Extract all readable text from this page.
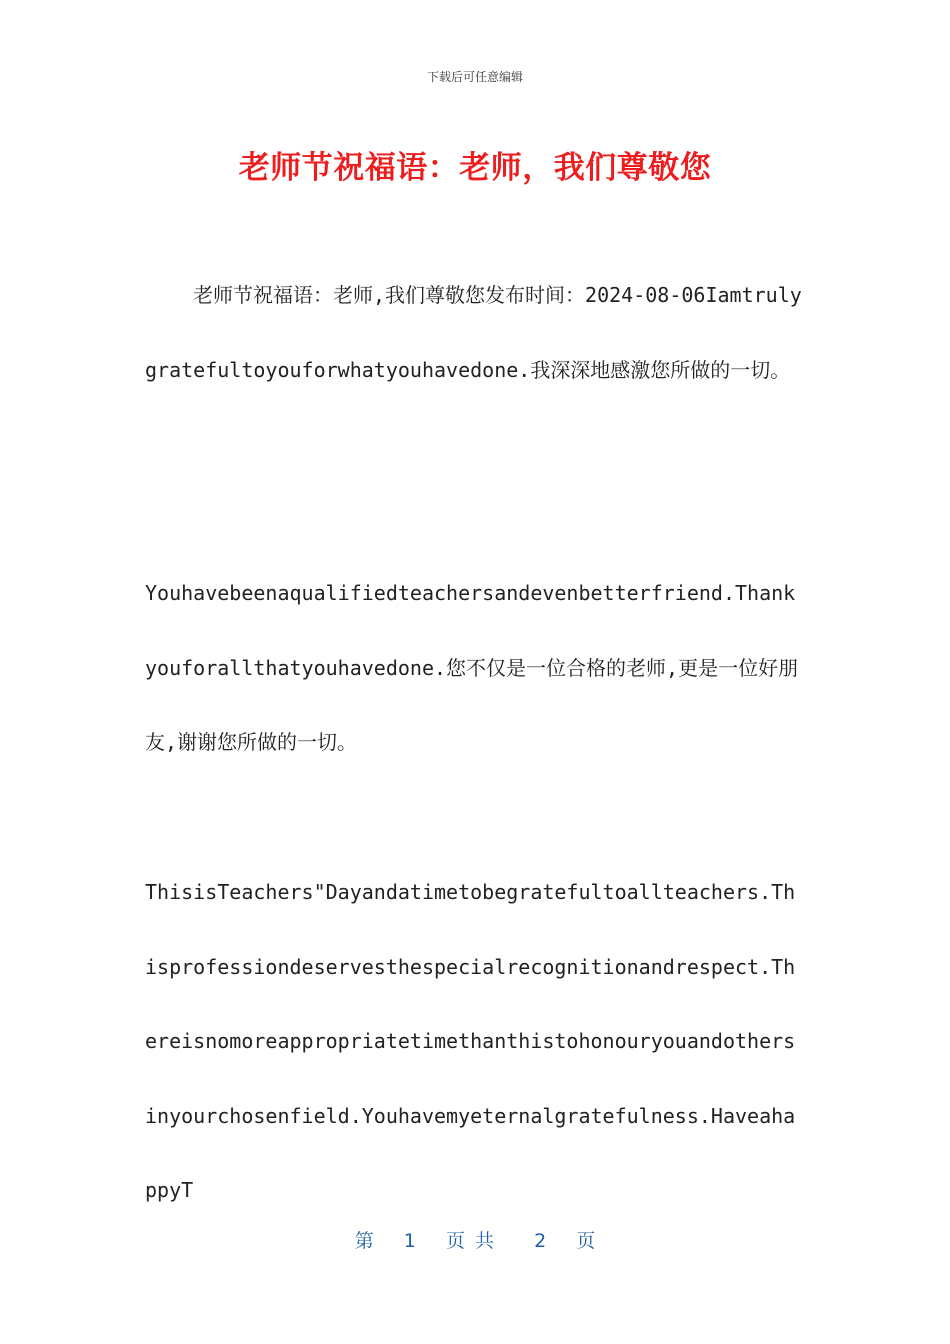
下载后可任意编辑
老师节祝福语：老师，我们尊敬您

老师节祝福语：老师,我们尊敬您发布时间：2024-08-06Iamtrulygratefultoyouforwhatyouhavedone.我深深地感激您所做的一切。

Youhavebeenaqualifiedteachersandevenbetterfriend.Thankyouforallthatyouhavedone.您不仅是一位合格的老师,更是一位好朋友,谢谢您所做的一切。

ThisisTeachers"Dayandatimetobegratefultoallteachers.Thisprofessiondeservesthespecialrecognitionandrespect.Thereisnomoreappropriatetimethanthistohonouryouandothersinyourchosenfield.Youhavemyeternalgratefulness.HaveahappyT

第 1 页共 2 页
